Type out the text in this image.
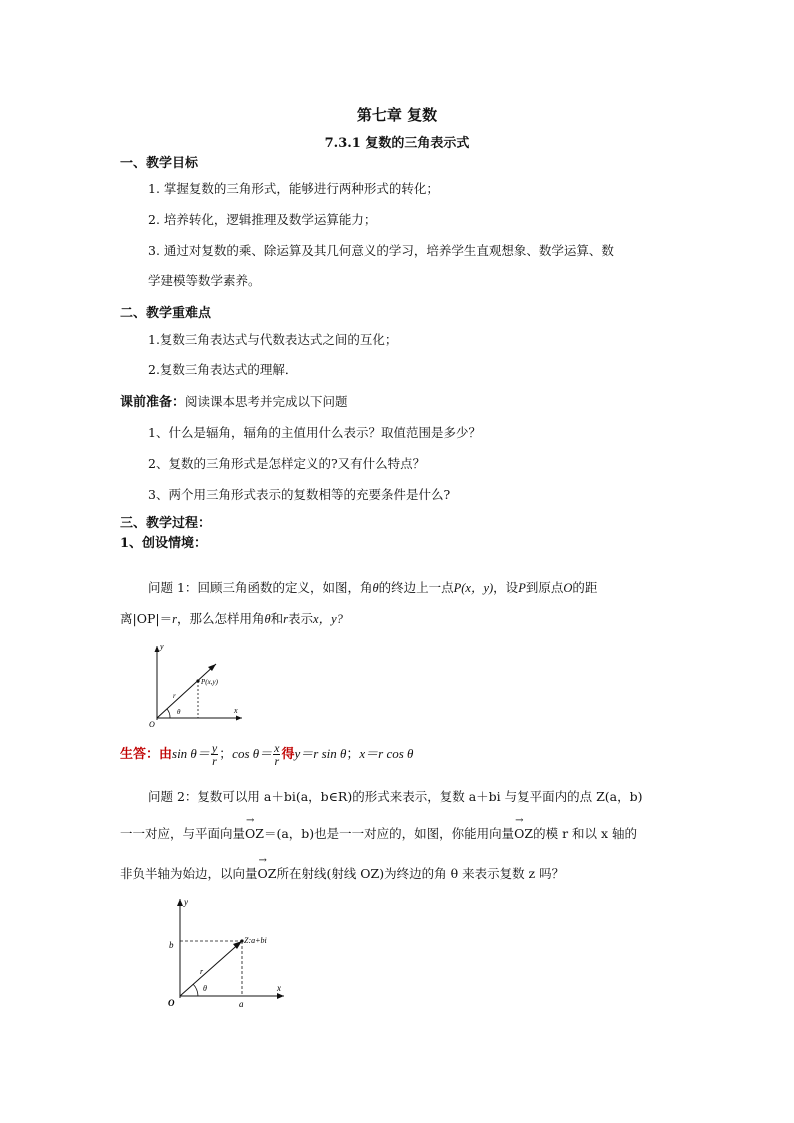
第七章 复数
7.3.1 复数的三角表示式
一、教学目标
1. 掌握复数的三角形式，能够进行两种形式的转化；
2. 培养转化，逻辑推理及数学运算能力；
3. 通过对复数的乘、除运算及其几何意义的学习，培养学生直观想象、数学运算、数
学建模等数学素养。
二、教学重难点
1.复数三角表达式与代数表达式之间的互化；
2.复数三角表达式的理解．
课前准备：阅读课本思考并完成以下问题
1、什么是辐角，辐角的主值用什么表示？取值范围是多少？
2、复数的三角形式是怎样定义的?又有什么特点？
3、两个用三角形式表示的复数相等的充要条件是什么?
三、教学过程：
1、创设情境：
问题 1：回顾三角函数的定义，如图，角θ的终边上一点P(x，y)，设P到原点O的距
离|OP|＝r，那么怎样用角θ和r表示x，y?
y
x
O
P(x,y)
r
θ
生答：由$\sin \theta= \frac{y}{r}$ ；$\cos \theta= \frac{x}{r}$ 得y＝r sin θ；x＝r cos θ
问题 2：复数可以用 a＋bi(a，b∈R)的形式来表示，复数 a＋bi 与复平面内的点 Z(a，b)
一一对应，与平面向量→ OZ＝(a，b)也是一一对应的，如图，你能用向量→ OZ的模 r 和以 x 轴的
非负半轴为始边，以向量→ OZ所在射线(射线 OZ)为终边的角 θ 来表示复数 z 吗？
y
x
O
Z:a+bi
b
a
r
θ
